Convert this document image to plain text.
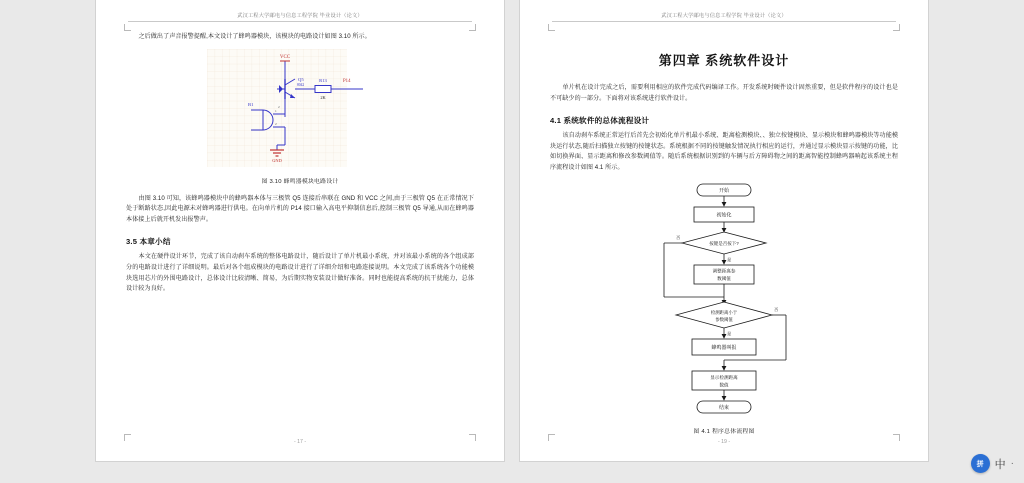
武汉工程大学邮电与信息工程学院 毕业设计（论文）

之后做出了声音报警提醒,本文设计了蜂鸣器模块，该模块的电路设计如图 3.10 所示。

VCC
Q5
8042
R13
2K
P14
2
B1
1
2
GND
图 3.10 蜂鸣器模块电路设计

由图 3.10 可知，该蜂鸣器模块中的蜂鸣器本体与三极管 Q5 连接后串联在 GND 和 VCC 之间,由于三极管 Q5 在正常情况下处于断路状态,因此电源未对蜂鸣器进行供电。在向单片机的 P14 接口输入高电平抑制信息后,控制三极管 Q5 导通,从而在蜂鸣器本体接上后就开机发出报警声。

3.5 本章小结

本文在硬件设计环节，完成了该自动刹车系统的整体电路设计，随后设计了单片机最小系统，并对该最小系统的各个组成部分的电路设计进行了详细说明。最后对各个组成模块的电路设计进行了详细介绍和电路连接说明。本文完成了该系统各个功能模块选用芯片的外围电路设计，总体设计比较清晰、简易，为后期实物安装设计做好准备。同时也能提高系统的抗干扰能力，总体设计较为良好。

- 17 -
武汉工程大学邮电与信息工程学院 毕业设计（论文）
第四章 系统软件设计

单片机在设计完成之后，需要利用相应的软件完成代码编译工作。开发系统时硬件设计固然重要，但是软件程序的设计也是不可缺少的一部分。下面将对该系统进行软件设计。

4.1 系统软件的总体流程设计

该自动刹车系统正常运行后首先会初始化单片机最小系统、距离检测模块、、独立按键模块、显示模块和蜂鸣器模块等功能模块运行状态,随后扫描独立按键的按键状态。系统根据不同的按键触发情况执行相应的运行，并通过显示模块显示按键的功能，比如切换界面、显示距离和修改参数阈值等。随后系统根据识别到的车辆与后方障碍物之间的距离智能控制蜂鸣器响起该系统主程序流程设计如图 4.1 所示。

开始
初始化
按键是否按下?
否
是
调整距离参
数阈值
检测距离小于
参数阈值
否
是
蜂鸣器叫报
显示检测距离
数值
结束
图 4.1 程序总体流程图
- 19 -
拼	中 ·
